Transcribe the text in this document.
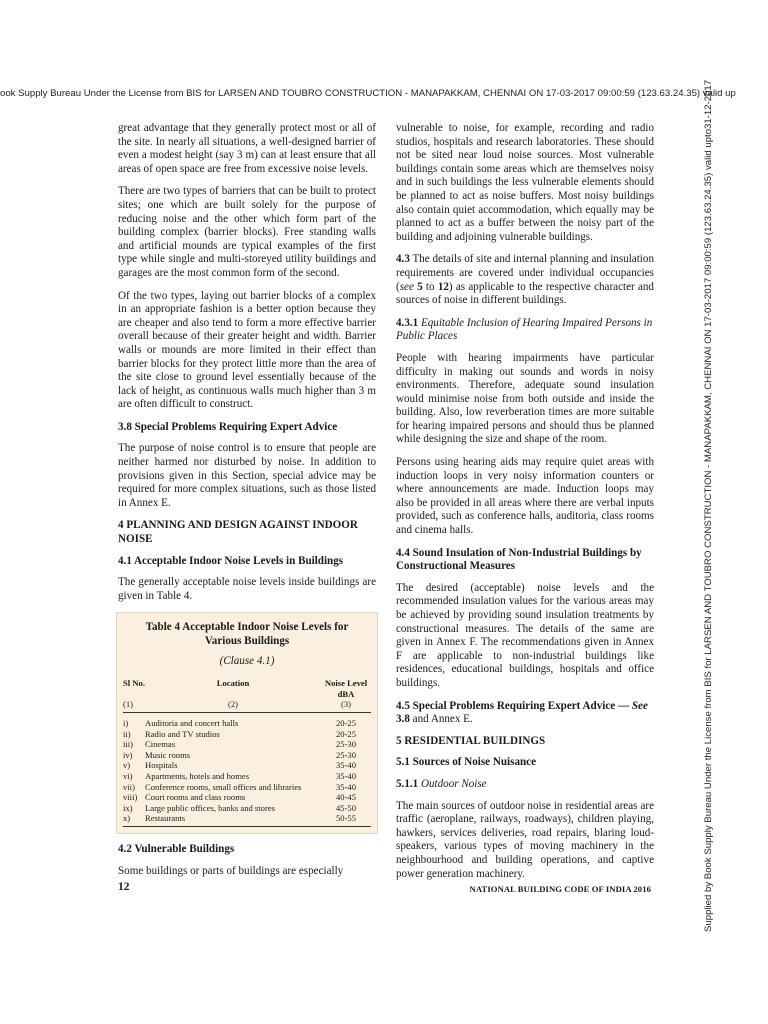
ook Supply Bureau Under the License from BIS for LARSEN AND TOUBRO CONSTRUCTION - MANAPAKKAM, CHENNAI ON 17-03-2017 09:00:59 (123.63.24.35) valid up
Supplied by Book Supply Bureau Under the License from BIS for LARSEN AND TOUBRO CONSTRUCTION - MANAPAKKAM, CHENNAI ON 17-03-2017 09:00:59 (123.63.24.35) valid upto31-12-2017

great advantage that they generally protect most or all of the site. In nearly all situations, a well-designed barrier of even a modest height (say 3 m) can at least ensure that all areas of open space are free from excessive noise levels.

There are two types of barriers that can be built to protect sites; one which are built solely for the purpose of reducing noise and the other which form part of the building complex (barrier blocks). Free standing walls and artificial mounds are typical examples of the first type while single and multi-storeyed utility buildings and garages are the most common form of the second.

Of the two types, laying out barrier blocks of a complex in an appropriate fashion is a better option because they are cheaper and also tend to form a more effective barrier overall because of their greater height and width. Barrier walls or mounds are more limited in their effect than barrier blocks for they protect little more than the area of the site close to ground level essentially because of the lack of height, as continuous walls much higher than 3 m are often difficult to construct.

3.8 Special Problems Requiring Expert Advice

The purpose of noise control is to ensure that people are neither harmed nor disturbed by noise. In addition to provisions given in this Section, special advice may be required for more complex situations, such as those listed in Annex E.

4 PLANNING AND DESIGN AGAINST INDOOR NOISE
4.1 Acceptable Indoor Noise Levels in Buildings

The generally acceptable noise levels inside buildings are given in Table 4.

Table 4 Acceptable Indoor Noise Levels for
Various Buildings
(Clause 4.1)
Sl No.	Location	Noise Level dBA
(1)	(2)	(3)
i)	Auditoria and concert halls	20-25
ii)	Radio and TV studios	20-25
iii)	Cinemas	25-30
iv)	Music rooms	25-30
v)	Hospitals	35-40
vi)	Apartments, hotels and homes	35-40
vii)	Conference rooms, small offices and libraries	35-40
viii)	Court rooms and class rooms	40-45
ix)	Large public offices, banks and stores	45-50
x)	Restaurants	50-55
4.2 Vulnerable Buildings

Some buildings or parts of buildings are especially

vulnerable to noise, for example, recording and radio studios, hospitals and research laboratories. These should not be sited near loud noise sources. Most vulnerable buildings contain some areas which are themselves noisy and in such buildings the less vulnerable elements should be planned to act as noise buffers. Most noisy buildings also contain quiet accommodation, which equally may be planned to act as a buffer between the noisy part of the building and adjoining vulnerable buildings.

4.3 The details of site and internal planning and insulation requirements are covered under individual occupancies (see 5 to 12) as applicable to the respective character and sources of noise in different buildings.

4.3.1 Equitable Inclusion of Hearing Impaired Persons in Public Places

People with hearing impairments have particular difficulty in making out sounds and words in noisy environments. Therefore, adequate sound insulation would minimise noise from both outside and inside the building. Also, low reverberation times are more suitable for hearing impaired persons and should thus be planned while designing the size and shape of the room.

Persons using hearing aids may require quiet areas with induction loops in very noisy information counters or where announcements are made. Induction loops may also be provided in all areas where there are verbal inputs provided, such as conference halls, auditoria, class rooms and cinema halls.

4.4 Sound Insulation of Non-Industrial Buildings by Constructional Measures

The desired (acceptable) noise levels and the recommended insulation values for the various areas may be achieved by providing sound insulation treatments by constructional measures. The details of the same are given in Annex F. The recommendations given in Annex F are applicable to non-industrial buildings like residences, educational buildings, hospitals and office buildings.

4.5 Special Problems Requiring Expert Advice — See 3.8 and Annex E.
5 RESIDENTIAL BUILDINGS
5.1 Sources of Noise Nuisance
5.1.1 Outdoor Noise

The main sources of outdoor noise in residential areas are traffic (aeroplane, railways, roadways), children playing, hawkers, services deliveries, road repairs, blaring loud-speakers, various types of moving machinery in the neighbourhood and building operations, and captive power generation machinery.

12	NATIONAL BUILDING CODE OF INDIA 2016
